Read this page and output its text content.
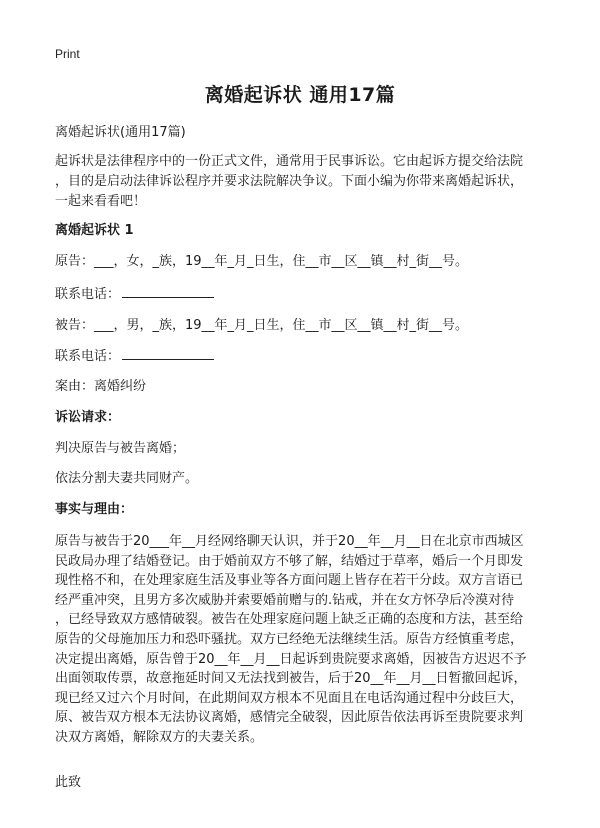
Print
离婚起诉状 通用17篇
离婚起诉状(通用17篇)
起诉状是法律程序中的一份正式文件，通常用于民事诉讼。它由起诉方提交给法院
，目的是启动法律诉讼程序并要求法院解决争议。下面小编为你带来离婚起诉状，
一起来看看吧！
离婚起诉状 1
原告：___，女，_族，19__年_月_日生，住__市__区__镇__村_街__号。
联系电话：
被告：___，男，_族，19__年_月_日生，住__市__区__镇__村_街__号。
联系电话：
案由：离婚纠纷
诉讼请求：
判决原告与被告离婚；
依法分割夫妻共同财产。
事实与理由：
原告与被告于20___年__月经网络聊天认识，并于20__年__月__日在北京市西城区
民政局办理了结婚登记。由于婚前双方不够了解，结婚过于草率，婚后一个月即发
现性格不和，在处理家庭生活及事业等各方面问题上皆存在若干分歧。双方言语已
经严重冲突，且男方多次威胁并索要婚前赠与的.钻戒，并在女方怀孕后冷漠对待
，已经导致双方感情破裂。被告在处理家庭问题上缺乏正确的态度和方法，甚至给
原告的父母施加压力和恐吓骚扰。双方已经绝无法继续生活。原告方经慎重考虑，
决定提出离婚，原告曾于20__年__月__日起诉到贵院要求离婚，因被告方迟迟不予
出面领取传票，故意拖延时间又无法找到被告，后于20__年__月__日暂撤回起诉，
现已经又过六个月时间，在此期间双方根本不见面且在电话沟通过程中分歧巨大，
原、被告双方根本无法协议离婚，感情完全破裂，因此原告依法再诉至贵院要求判
决双方离婚，解除双方的夫妻关系。
此致
